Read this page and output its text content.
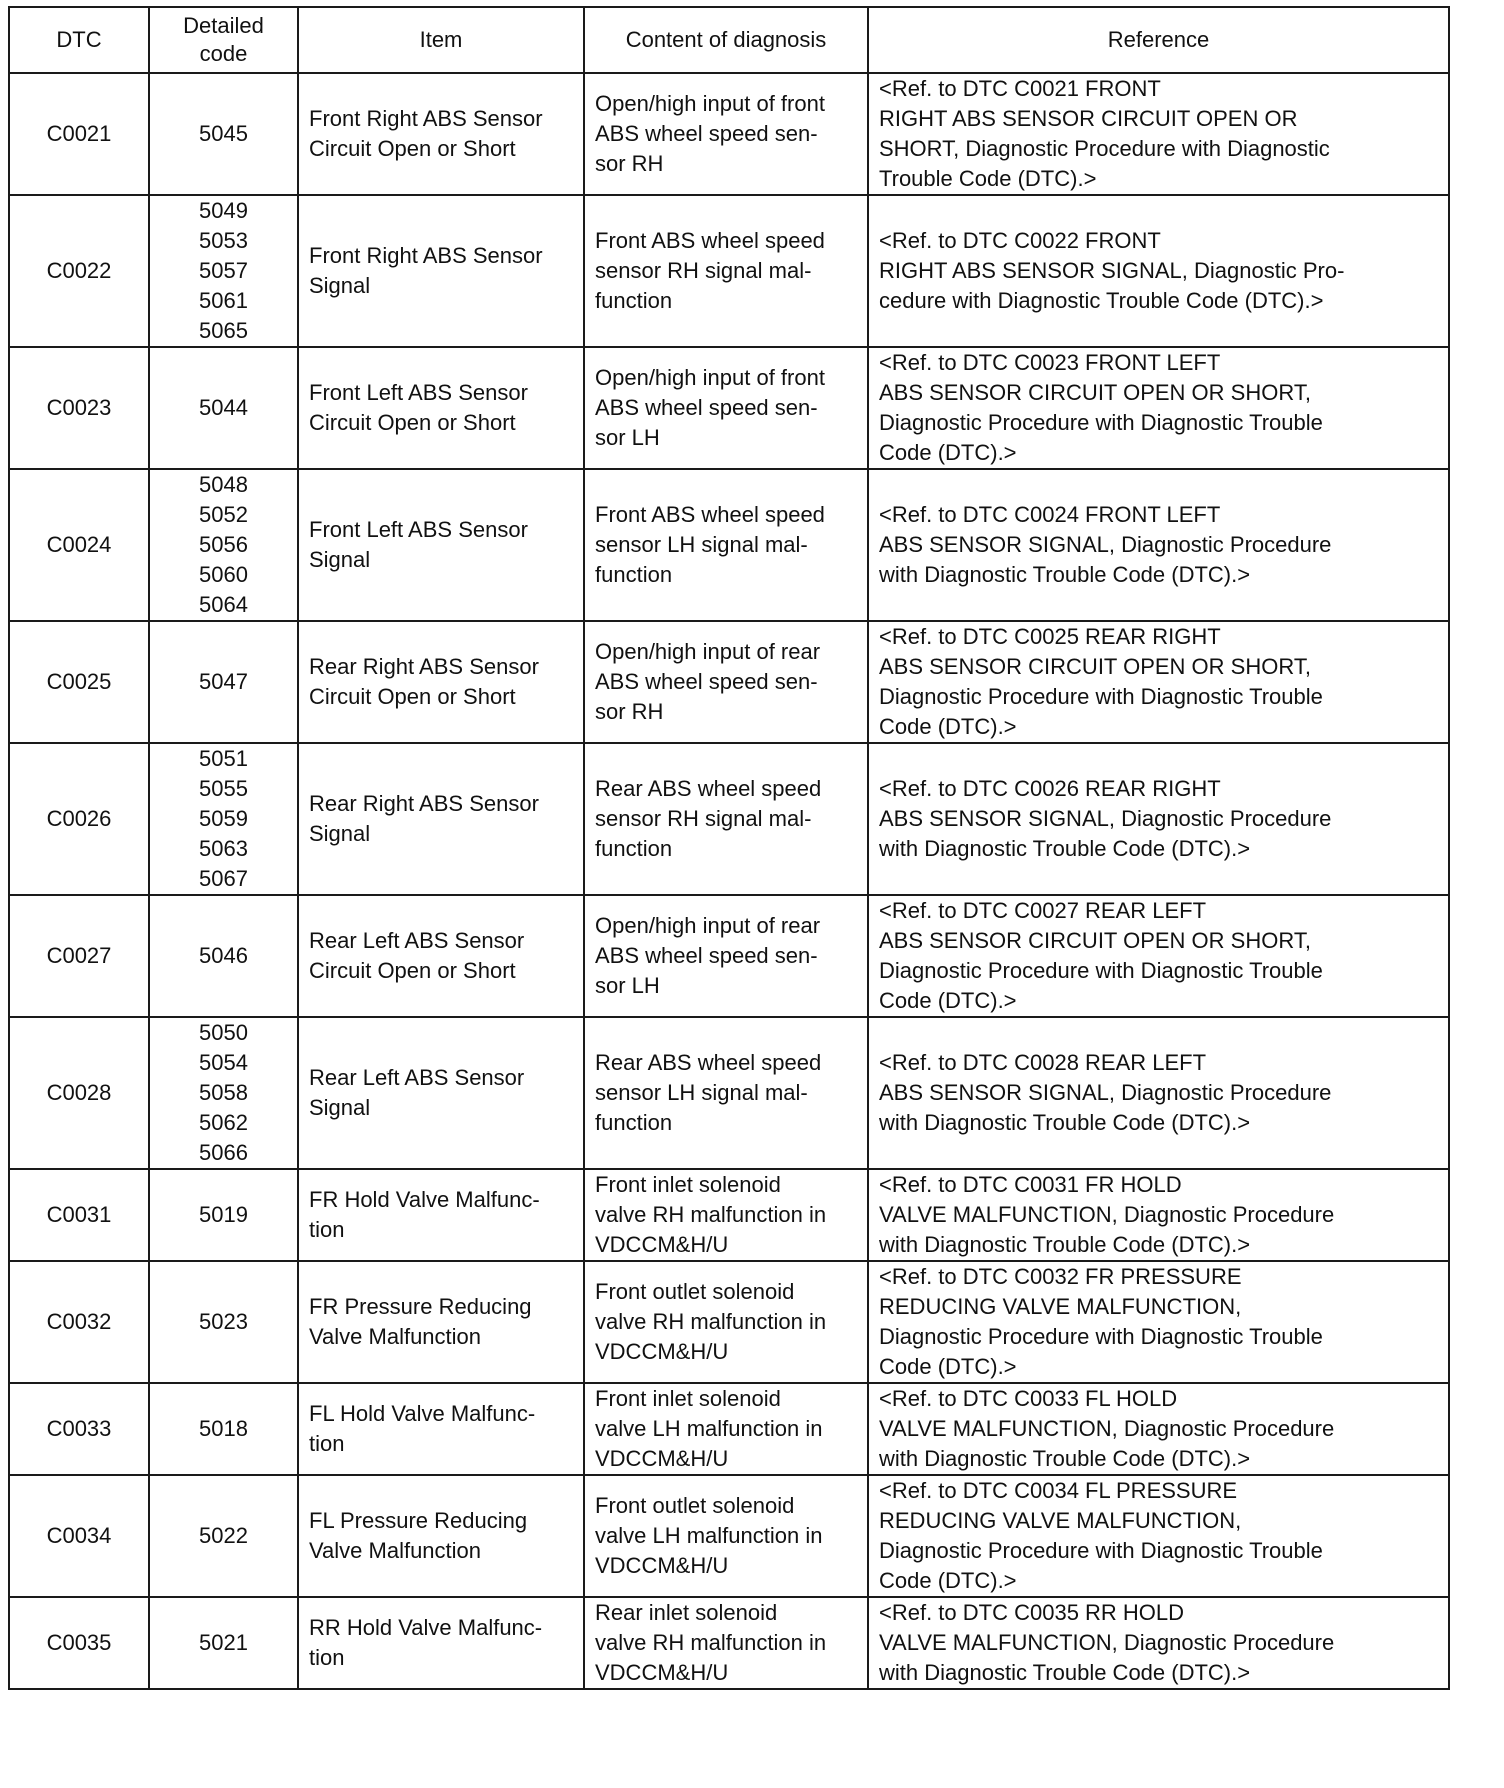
DTC	Detailed
code	Item	Content of diagnosis	Reference

C0021	5045	Front Right ABS Sensor
Circuit Open or Short	Open/high input of front
ABS wheel speed sen-
sor RH	<Ref. to DTC C0021 FRONT
RIGHT ABS SENSOR CIRCUIT OPEN OR
SHORT, Diagnostic Procedure with Diagnostic
Trouble Code (DTC).>

C0022	5049
5053
5057
5061
5065	Front Right ABS Sensor
Signal	Front ABS wheel speed
sensor RH signal mal-
function	<Ref. to DTC C0022 FRONT
RIGHT ABS SENSOR SIGNAL, Diagnostic Pro-
cedure with Diagnostic Trouble Code (DTC).>

C0023	5044	Front Left ABS Sensor
Circuit Open or Short	Open/high input of front
ABS wheel speed sen-
sor LH	<Ref. to DTC C0023 FRONT LEFT
ABS SENSOR CIRCUIT OPEN OR SHORT,
Diagnostic Procedure with Diagnostic Trouble
Code (DTC).>

C0024	5048
5052
5056
5060
5064	Front Left ABS Sensor
Signal	Front ABS wheel speed
sensor LH signal mal-
function	<Ref. to DTC C0024 FRONT LEFT
ABS SENSOR SIGNAL, Diagnostic Procedure
with Diagnostic Trouble Code (DTC).>

C0025	5047	Rear Right ABS Sensor
Circuit Open or Short	Open/high input of rear
ABS wheel speed sen-
sor RH	<Ref. to DTC C0025 REAR RIGHT
ABS SENSOR CIRCUIT OPEN OR SHORT,
Diagnostic Procedure with Diagnostic Trouble
Code (DTC).>

C0026	5051
5055
5059
5063
5067	Rear Right ABS Sensor
Signal	Rear ABS wheel speed
sensor RH signal mal-
function	<Ref. to DTC C0026 REAR RIGHT
ABS SENSOR SIGNAL, Diagnostic Procedure
with Diagnostic Trouble Code (DTC).>

C0027	5046	Rear Left ABS Sensor
Circuit Open or Short	Open/high input of rear
ABS wheel speed sen-
sor LH	<Ref. to DTC C0027 REAR LEFT
ABS SENSOR CIRCUIT OPEN OR SHORT,
Diagnostic Procedure with Diagnostic Trouble
Code (DTC).>

C0028	5050
5054
5058
5062
5066	Rear Left ABS Sensor
Signal	Rear ABS wheel speed
sensor LH signal mal-
function	<Ref. to DTC C0028 REAR LEFT
ABS SENSOR SIGNAL, Diagnostic Procedure
with Diagnostic Trouble Code (DTC).>

C0031	5019	FR Hold Valve Malfunc-
tion	Front inlet solenoid
valve RH malfunction in
VDCCM&H/U	<Ref. to DTC C0031 FR HOLD
VALVE MALFUNCTION, Diagnostic Procedure
with Diagnostic Trouble Code (DTC).>

C0032	5023	FR Pressure Reducing
Valve Malfunction	Front outlet solenoid
valve RH malfunction in
VDCCM&H/U	<Ref. to DTC C0032 FR PRESSURE
REDUCING VALVE MALFUNCTION,
Diagnostic Procedure with Diagnostic Trouble
Code (DTC).>

C0033	5018	FL Hold Valve Malfunc-
tion	Front inlet solenoid
valve LH malfunction in
VDCCM&H/U	<Ref. to DTC C0033 FL HOLD
VALVE MALFUNCTION, Diagnostic Procedure
with Diagnostic Trouble Code (DTC).>

C0034	5022	FL Pressure Reducing
Valve Malfunction	Front outlet solenoid
valve LH malfunction in
VDCCM&H/U	<Ref. to DTC C0034 FL PRESSURE
REDUCING VALVE MALFUNCTION,
Diagnostic Procedure with Diagnostic Trouble
Code (DTC).>

C0035	5021	RR Hold Valve Malfunc-
tion	Rear inlet solenoid
valve RH malfunction in
VDCCM&H/U	<Ref. to DTC C0035 RR HOLD
VALVE MALFUNCTION, Diagnostic Procedure
with Diagnostic Trouble Code (DTC).>
